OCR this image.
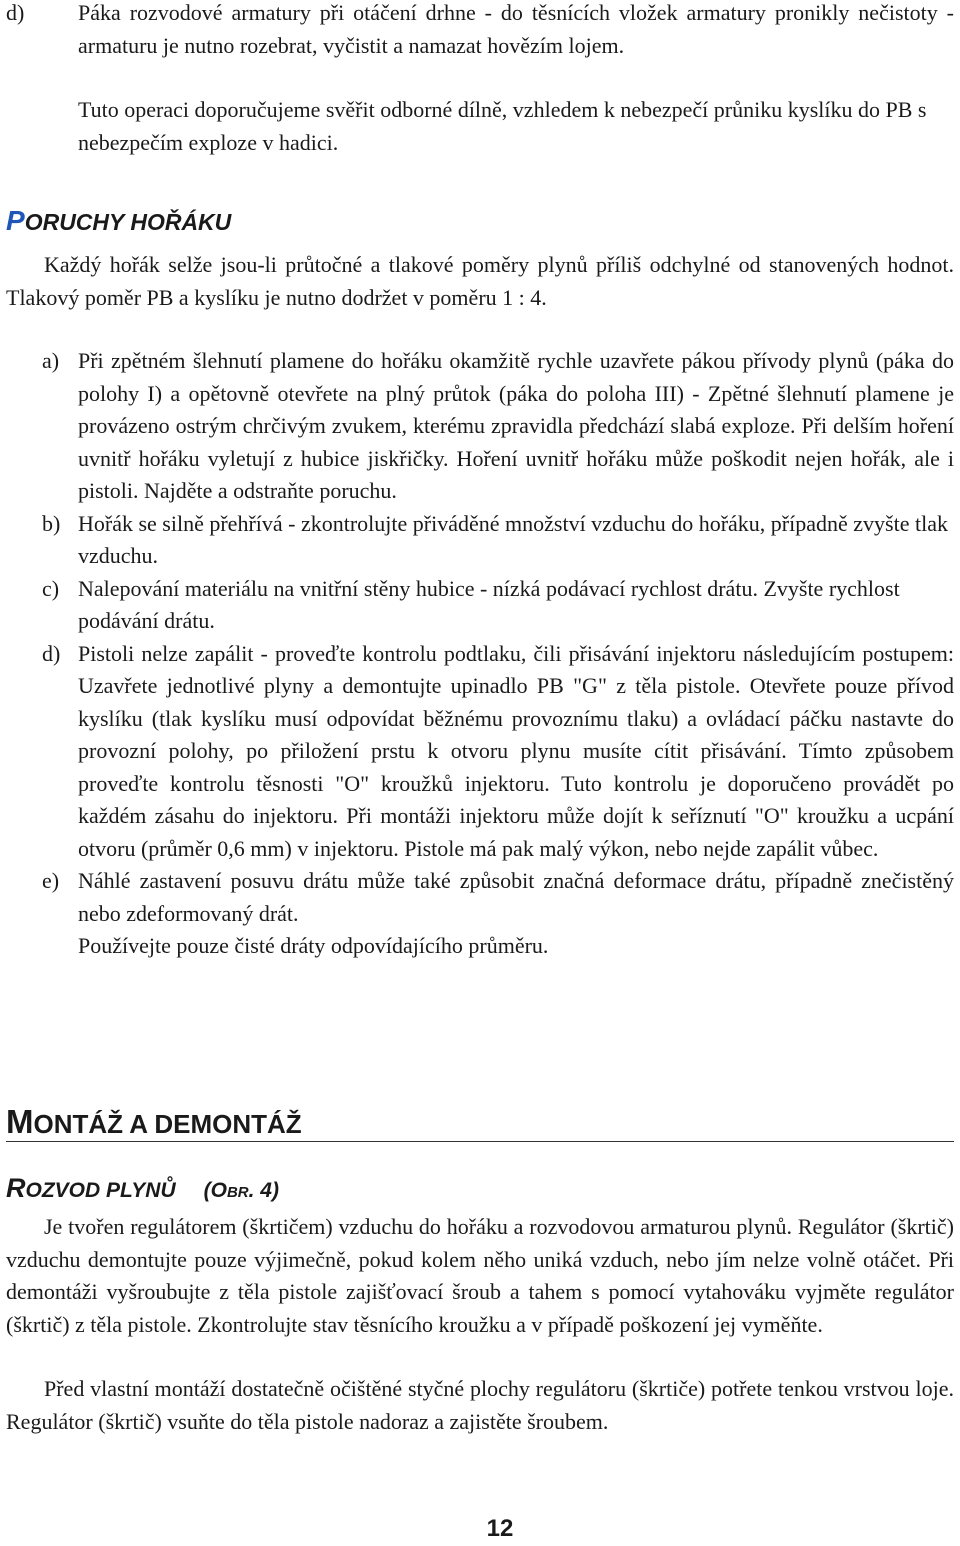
d)	Páka rozvodové armatury při otáčení drhne - do těsnících vložek armatury pronikly nečistoty - armaturu je nutno rozebrat, vyčistit a namazat hovězím lojem.

Tuto operaci doporučujeme svěřit odborné dílně, vzhledem k nebezpečí průniku kyslíku do PB s nebezpečím exploze v hadici.

PORUCHY HOŘÁKU

Každý hořák selže jsou-li průtočné a tlakové poměry plynů příliš odchylné od stanovených hodnot. Tlakový poměr PB a kyslíku je nutno dodržet v poměru 1 : 4.

a) Při zpětném šlehnutí plamene do hořáku okamžitě rychle uzavřete pákou přívody plynů (páka do polohy I) a opětovně otevřete na plný průtok (páka do poloha III) - Zpětné šlehnutí plamene je provázeno ostrým chrčivým zvukem, kterému zpravidla předchází slabá exploze. Při delším hoření uvnitř hořáku vyletují z hubice jiskřičky. Hoření uvnitř hořáku může poškodit nejen hořák, ale i pistoli. Najděte a odstraňte poruchu.

b) Hořák se silně přehřívá - zkontrolujte přiváděné množství vzduchu do hořáku, případně zvyšte tlak vzduchu.

c) Nalepování materiálu na vnitřní stěny hubice - nízká podávací rychlost drátu. Zvyšte rychlost podávání drátu.

d) Pistoli nelze zapálit - proveďte kontrolu podtlaku, čili přisávání injektoru následujícím postupem: Uzavřete jednotlivé plyny a demontujte upinadlo PB "G" z těla pistole. Otevřete pouze přívod kyslíku (tlak kyslíku musí odpovídat běžnému provoznímu tlaku) a ovládací páčku nastavte do provozní polohy, po přiložení prstu k otvoru plynu musíte cítit přisávání. Tímto způsobem proveďte kontrolu těsnosti "O" kroužků injektoru. Tuto kontrolu je doporučeno provádět po každém zásahu do injektoru. Při montáži injektoru může dojít k seříznutí "O" kroužku a ucpání otvoru (průměr 0,6 mm) v injektoru. Pistole má pak malý výkon, nebo nejde zapálit vůbec.

e) Náhlé zastavení posuvu drátu může také způsobit značná deformace drátu, případně znečistěný nebo zdeformovaný drát.

Používejte pouze čisté dráty odpovídajícího průměru.

MONTÁŽ A DEMONTÁŽ
ROZVOD PLYNŮ (OBR. 4)

Je tvořen regulátorem (škrtičem) vzduchu do hořáku a rozvodovou armaturou plynů. Regulátor (škrtič) vzduchu demontujte pouze výjimečně, pokud kolem něho uniká vzduch, nebo jím nelze volně otáčet. Při demontáži vyšroubujte z těla pistole zajišťovací šroub a tahem s pomocí vytahováku vyjměte regulátor (škrtič) z těla pistole. Zkontrolujte stav těsnícího kroužku a v případě poškození jej vyměňte.

Před vlastní montáží dostatečně očištěné styčné plochy regulátoru (škrtiče) potřete tenkou vrstvou loje. Regulátor (škrtič) vsuňte do těla pistole nadoraz a zajistěte šroubem.

12
